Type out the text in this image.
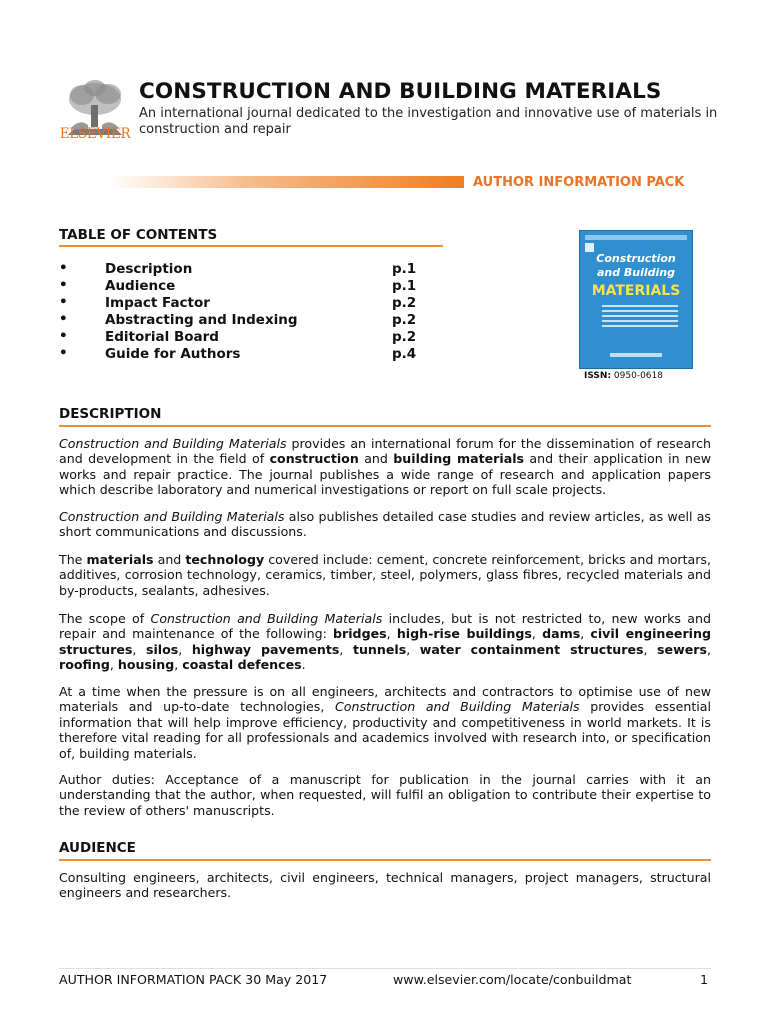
ELSEVIER
CONSTRUCTION AND BUILDING MATERIALS
An international journal dedicated to the investigation and innovative use of materials in construction and repair
AUTHOR INFORMATION PACK
TABLE OF CONTENTS
•	Description	p.1
•	Audience	p.1
•	Impact Factor	p.2
•	Abstracting and Indexing	p.2
•	Editorial Board	p.2
•	Guide for Authors	p.4
Construction
and Building
MATERIALS
ISSN: 0950-0618
DESCRIPTION
Construction and Building Materials provides an international forum for the dissemination of research and development in the field of construction and building materials and their application in new works and repair practice. The journal publishes a wide range of research and application papers which describe laboratory and numerical investigations or report on full scale projects.
Construction and Building Materials also publishes detailed case studies and review articles, as well as short communications and discussions.
The materials and technology covered include: cement, concrete reinforcement, bricks and mortars, additives, corrosion technology, ceramics, timber, steel, polymers, glass fibres, recycled materials and by-products, sealants, adhesives.
The scope of Construction and Building Materials includes, but is not restricted to, new works and repair and maintenance of the following: bridges, high-rise buildings, dams, civil engineering structures, silos, highway pavements, tunnels, water containment structures, sewers, roofing, housing, coastal defences.
At a time when the pressure is on all engineers, architects and contractors to optimise use of new materials and up-to-date technologies, Construction and Building Materials provides essential information that will help improve efficiency, productivity and competitiveness in world markets. It is therefore vital reading for all professionals and academics involved with research into, or specification of, building materials.
Author duties: Acceptance of a manuscript for publication in the journal carries with it an understanding that the author, when requested, will fulfil an obligation to contribute their expertise to the review of others' manuscripts.
AUDIENCE
Consulting engineers, architects, civil engineers, technical managers, project managers, structural engineers and researchers.
AUTHOR INFORMATION PACK 30 May 2017	www.elsevier.com/locate/conbuildmat	1
